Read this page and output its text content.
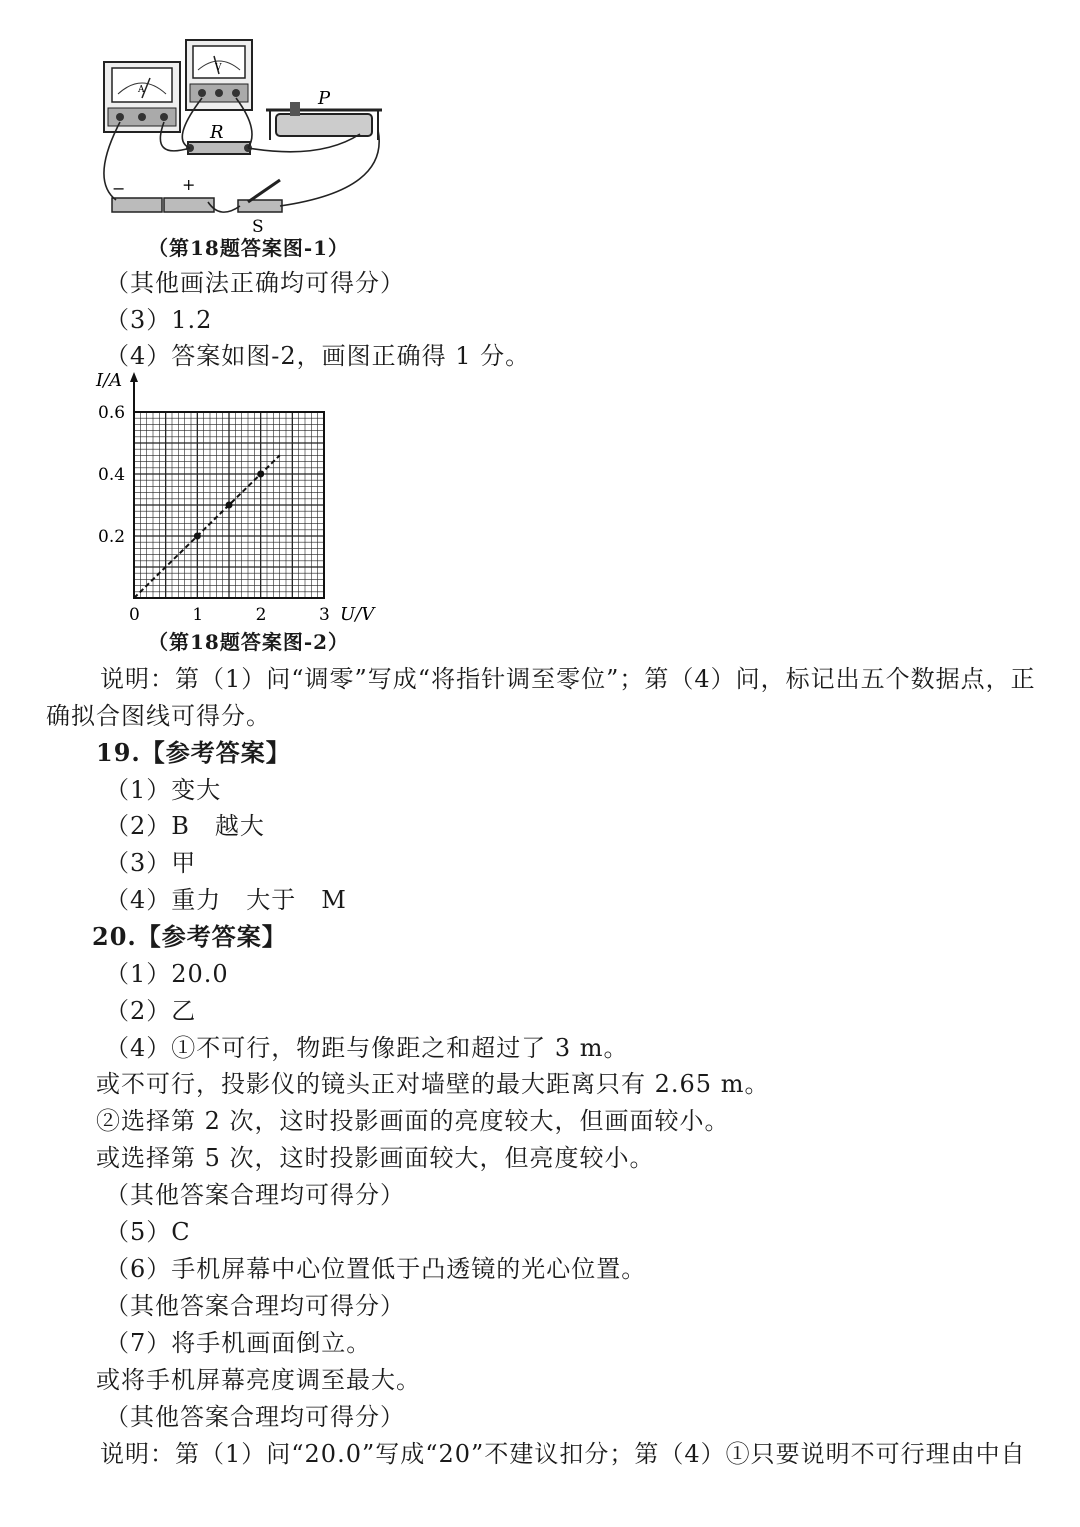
A
V
P
R
−	+
S
（第18题答案图-1）
（其他画法正确均可得分）
（3）1.2
（4）答案如图-2，画图正确得 1 分。
0	1	2	3
0.2
0.4
0.6
I/A
U/V
（第18题答案图-2）
说明：第（1）问“调零”写成“将指针调至零位”；第（4）问，标记出五个数据点，正
确拟合图线可得分。
19.【参考答案】
（1）变大
（2）B　越大
（3）甲
（4）重力　大于　M
20.【参考答案】
（1）20.0
（2）乙
（4）①不可行，物距与像距之和超过了 3 m。
或不可行，投影仪的镜头正对墙壁的最大距离只有 2.65 m。
②选择第 2 次，这时投影画面的亮度较大，但画面较小。
或选择第 5 次，这时投影画面较大，但亮度较小。
（其他答案合理均可得分）
（5）C
（6）手机屏幕中心位置低于凸透镜的光心位置。
（其他答案合理均可得分）
（7）将手机画面倒立。
或将手机屏幕亮度调至最大。
（其他答案合理均可得分）
说明：第（1）问“20.0”写成“20”不建议扣分；第（4）①只要说明不可行理由中自
